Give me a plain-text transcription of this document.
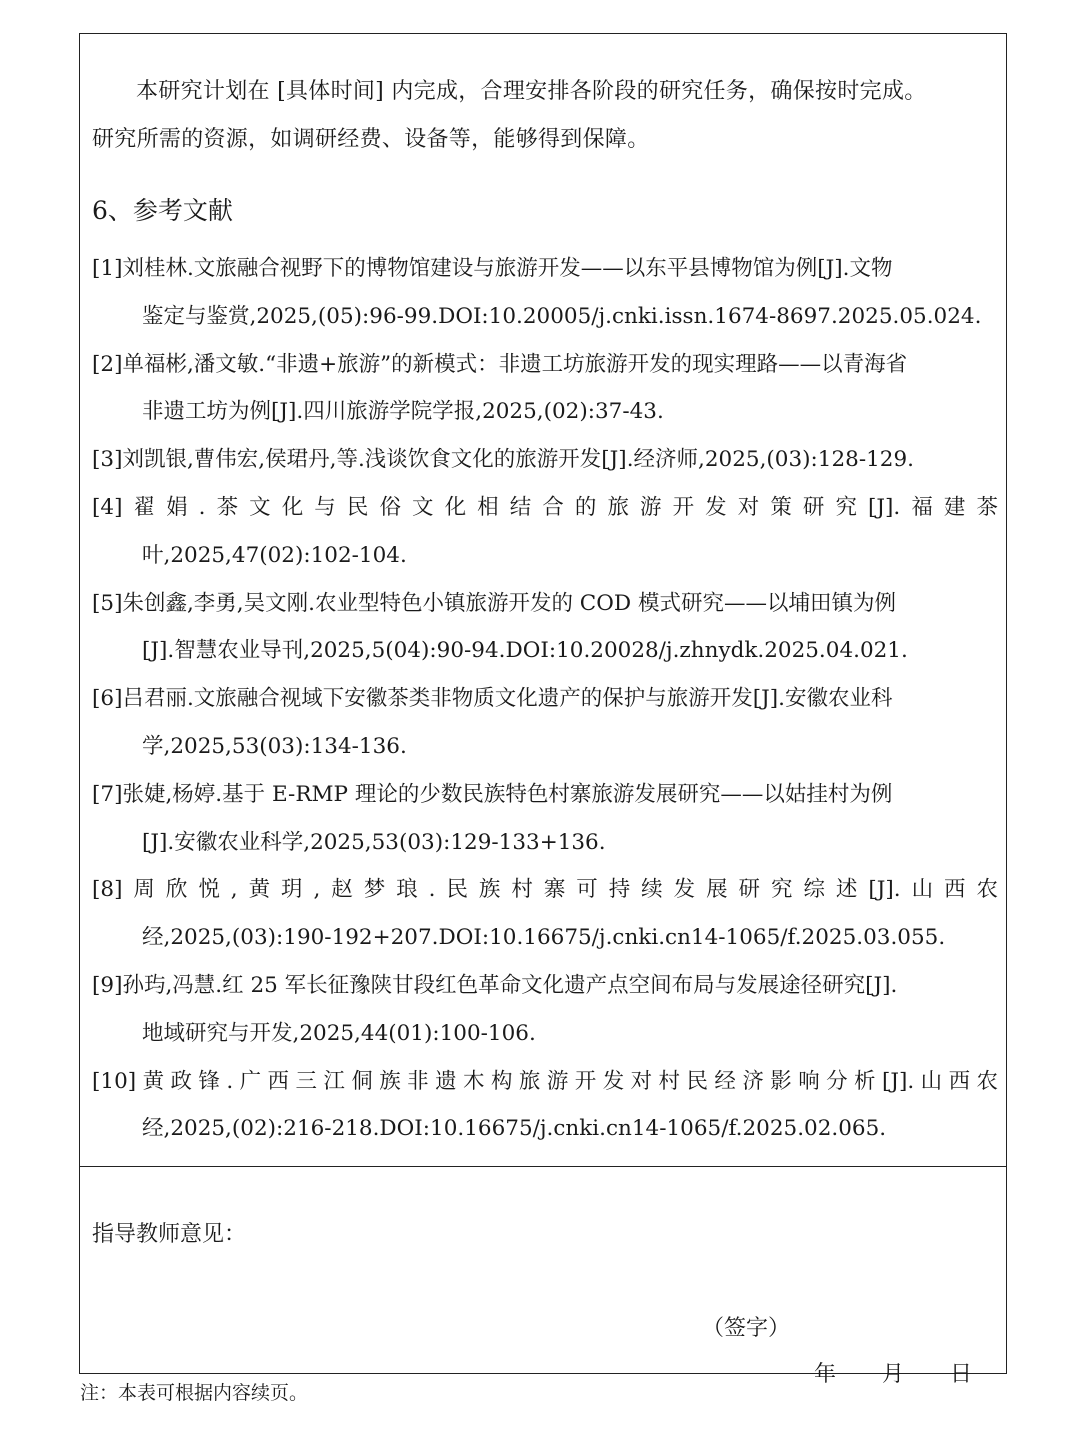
本研究计划在 [具体时间] 内完成，合理安排各阶段的研究任务，确保按时完成。
研究所需的资源，如调研经费、设备等，能够得到保障。
6、参考文献
[1]刘桂林.文旅融合视野下的博物馆建设与旅游开发——以东平县博物馆为例[J].文物
鉴定与鉴赏,2025,(05):96-99.DOI:10.20005/j.cnki.issn.1674-8697.2025.05.024.
[2]单福彬,潘文敏.“非遗+旅游”的新模式：非遗工坊旅游开发的现实理路——以青海省
非遗工坊为例[J].四川旅游学院学报,2025,(02):37-43.
[3]刘凯银,曹伟宏,侯珺丹,等.浅谈饮食文化的旅游开发[J].经济师,2025,(03):128-129.
[4]翟娟.茶文化与民俗文化相结合的旅游开发对策研究[J].福建茶
叶,2025,47(02):102-104.
[5]朱创鑫,李勇,吴文刚.农业型特色小镇旅游开发的 COD 模式研究——以埔田镇为例
[J].智慧农业导刊,2025,5(04):90-94.DOI:10.20028/j.zhnydk.2025.04.021.
[6]吕君丽.文旅融合视域下安徽茶类非物质文化遗产的保护与旅游开发[J].安徽农业科
学,2025,53(03):134-136.
[7]张婕,杨婷.基于 E-RMP 理论的少数民族特色村寨旅游发展研究——以姑挂村为例
[J].安徽农业科学,2025,53(03):129-133+136.
[8]周欣悦,黄玥,赵梦琅.民族村寨可持续发展研究综述[J].山西农
经,2025,(03):190-192+207.DOI:10.16675/j.cnki.cn14-1065/f.2025.03.055.
[9]孙玙,冯慧.红 25 军长征豫陕甘段红色革命文化遗产点空间布局与发展途径研究[J].
地域研究与开发,2025,44(01):100-106.
[10]黄政锋.广西三江侗族非遗木构旅游开发对村民经济影响分析[J].山西农
经,2025,(02):216-218.DOI:10.16675/j.cnki.cn14-1065/f.2025.02.065.
指导教师意见：
（签字）
年 月 日
注：本表可根据内容续页。
